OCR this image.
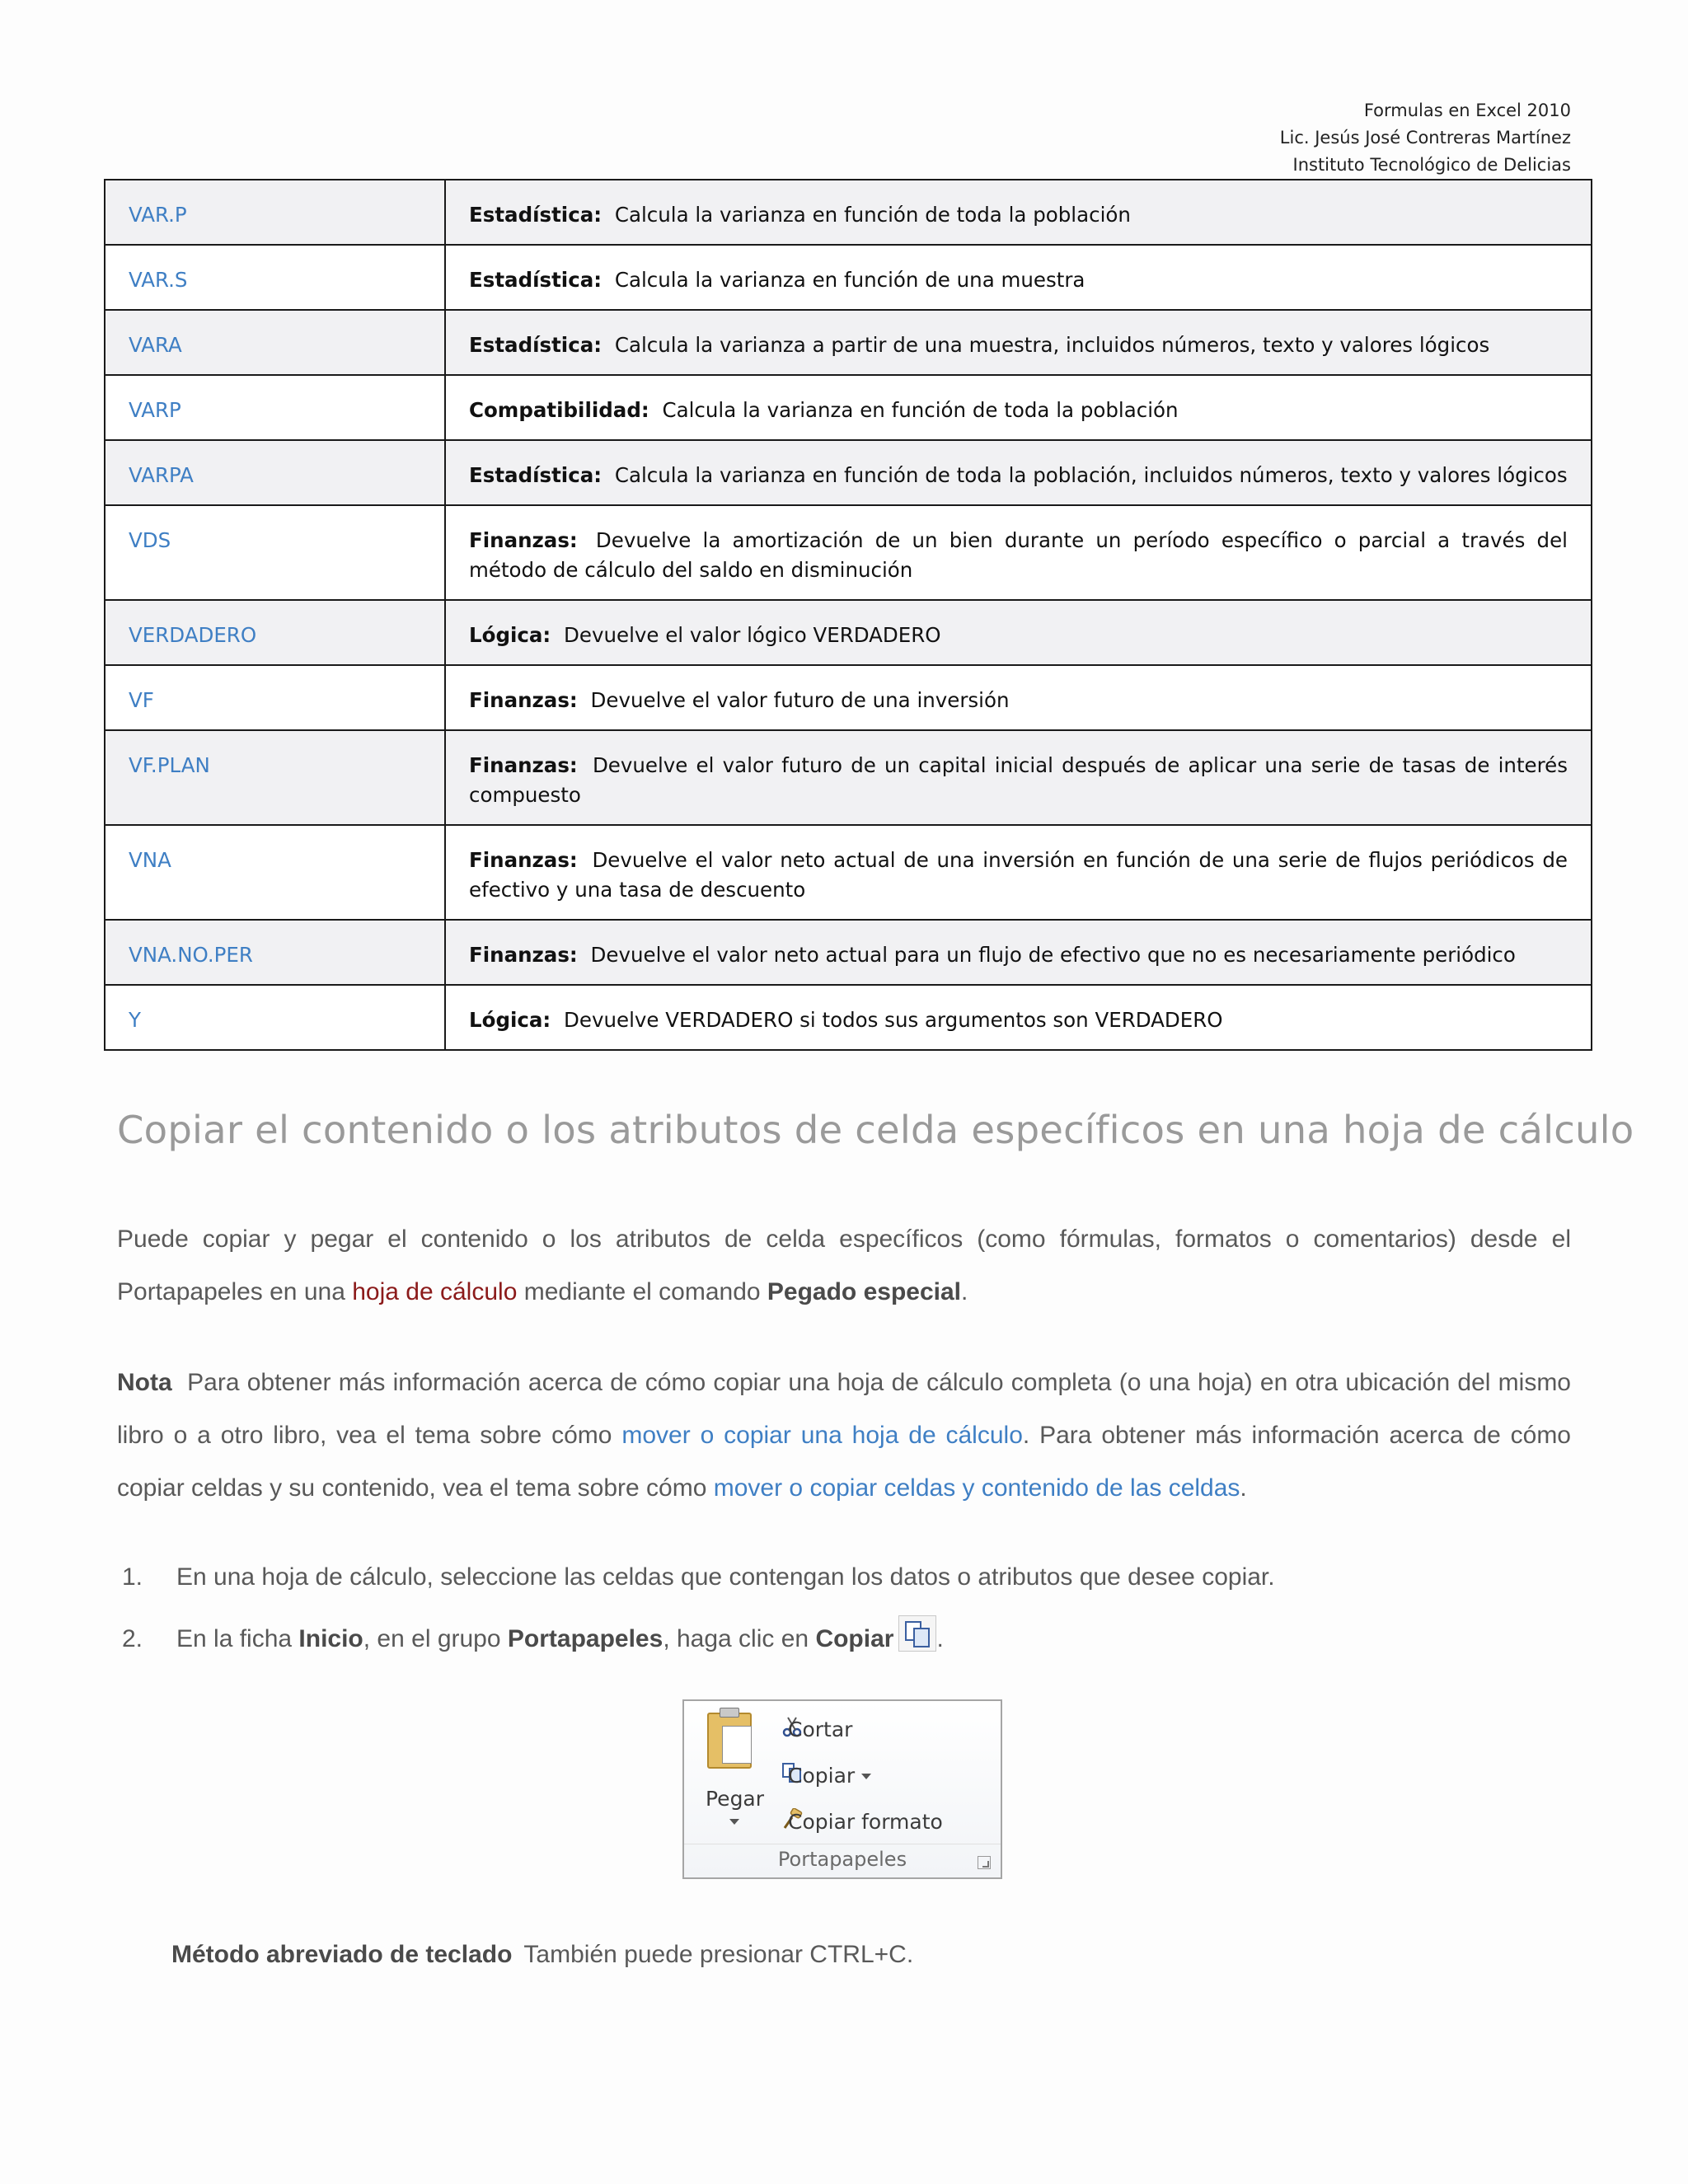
Formulas en Excel 2010
Lic. Jesús José Contreras Martínez
Instituto Tecnológico de Delicias
VAR.P	Estadística: Calcula la varianza en función de toda la población
VAR.S	Estadística: Calcula la varianza en función de una muestra
VARA	Estadística: Calcula la varianza a partir de una muestra, incluidos números, texto y valores lógicos
VARP	Compatibilidad: Calcula la varianza en función de toda la población
VARPA	Estadística: Calcula la varianza en función de toda la población, incluidos números, texto y valores lógicos
VDS	Finanzas: Devuelve la amortización de un bien durante un período específico o parcial a través del método de cálculo del saldo en disminución
VERDADERO	Lógica: Devuelve el valor lógico VERDADERO
VF	Finanzas: Devuelve el valor futuro de una inversión
VF.PLAN	Finanzas: Devuelve el valor futuro de un capital inicial después de aplicar una serie de tasas de interés compuesto
VNA	Finanzas: Devuelve el valor neto actual de una inversión en función de una serie de flujos periódicos de efectivo y una tasa de descuento
VNA.NO.PER	Finanzas: Devuelve el valor neto actual para un flujo de efectivo que no es necesariamente periódico
Y	Lógica: Devuelve VERDADERO si todos sus argumentos son VERDADERO
Copiar el contenido o los atributos de celda específicos en una hoja de cálculo
Puede copiar y pegar el contenido o los atributos de celda específicos (como fórmulas, formatos o comentarios) desde el Portapapeles en una hoja de cálculo mediante el comando Pegado especial.
Nota Para obtener más información acerca de cómo copiar una hoja de cálculo completa (o una hoja) en otra ubicación del mismo libro o a otro libro, vea el tema sobre cómo mover o copiar una hoja de cálculo. Para obtener más información acerca de cómo copiar celdas y su contenido, vea el tema sobre cómo mover o copiar celdas y contenido de las celdas.
1. En una hoja de cálculo, seleccione las celdas que contengan los datos o atributos que desee copiar.
2. En la ficha Inicio, en el grupo Portapapeles, haga clic en Copiar .
Pegar
Cortar
Copiar
Copiar formato
Portapapeles
Método abreviado de teclado También puede presionar CTRL+C.
